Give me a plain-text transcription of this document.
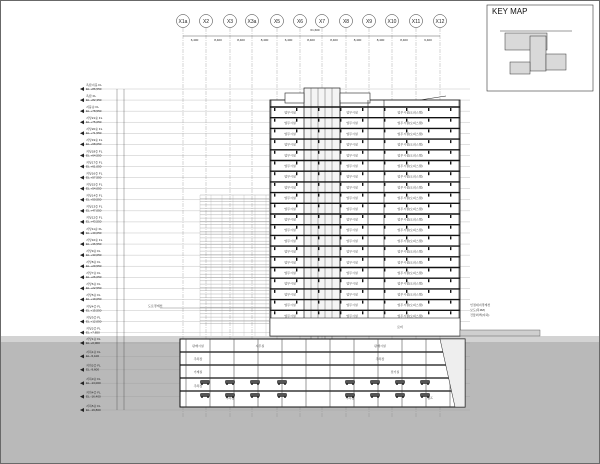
X1a	X2	X3	X3a	X5	X6	X7	X8	X9	X10	X11	X12
6,400	8,400	8,400	8,400	6,400	8,400	8,400	8,400	8,400	8,400	6,400
61,600
옥탑지붕 FL
EL.+86,550
옥탑 FL
EL.+82,350
지붕층 FL
EL.+78,550
지상21층 FL
EL.+75,050
지상20층 FL
EL.+71,550
지상19층 FL
EL.+68,050
지상18층 FL
EL.+64,550
지상17층 FL
EL.+61,050
지상16층 FL
EL.+57,550
지상15층 FL
EL.+54,050
지상14층 FL
EL.+50,550
지상13층 FL
EL.+47,050
지상12층 FL
EL.+43,550
지상11층 FL
EL.+40,050
지상10층 FL
EL.+36,550
지상9층 FL
EL.+33,050
지상8층 FL
EL.+29,550
지상7층 FL
EL.+26,050
지상6층 FL
EL.+22,550
지상5층 FL
EL.+19,050
지상4층 FL
EL.+15,550
지상3층 FL
EL.+12,050
지상2층 FL
EL.+7,650
지상1층 FL
EL.+0,000
지하1층 FL
EL.-5,100
지하2층 FL
EL.-9,600
지하3층 FL
EL.-13,000
지하4층 FL
EL.-16,400
지하5층 FL
EL.-19,800
업무시설	업무시설	업무시설(오피스텔)
업무시설	업무시설	업무시설(오피스텔)
업무시설	업무시설	업무시설(오피스텔)
업무시설	업무시설	업무시설(오피스텔)
업무시설	업무시설	업무시설(오피스텔)
업무시설	업무시설	업무시설(오피스텔)
업무시설	업무시설	업무시설(오피스텔)
업무시설	업무시설	업무시설(오피스텔)
업무시설	업무시설	업무시설(오피스텔)
업무시설	업무시설	업무시설(오피스텔)
업무시설	업무시설	업무시설(오피스텔)
업무시설	업무시설	업무시설(오피스텔)
업무시설	업무시설	업무시설(오피스텔)
업무시설	업무시설	업무시설(오피스텔)
업무시설	업무시설	업무시설(오피스텔)
업무시설	업무시설	업무시설(오피스텔)
업무시설	업무시설	업무시설(오피스텔)
업무시설	업무시설	업무시설(오피스텔)
업무시설	업무시설	업무시설(오피스텔)
업무시설	업무시설	업무시설(오피스텔)
로비
판매시설
주차장
기계실
주차장
사무실	판매시설
주차장
전기실
주차장	램프
주차장
KEY MAP
도로경계선	인접대지경계선
보도(폭3M)
건물외벽(지하)
